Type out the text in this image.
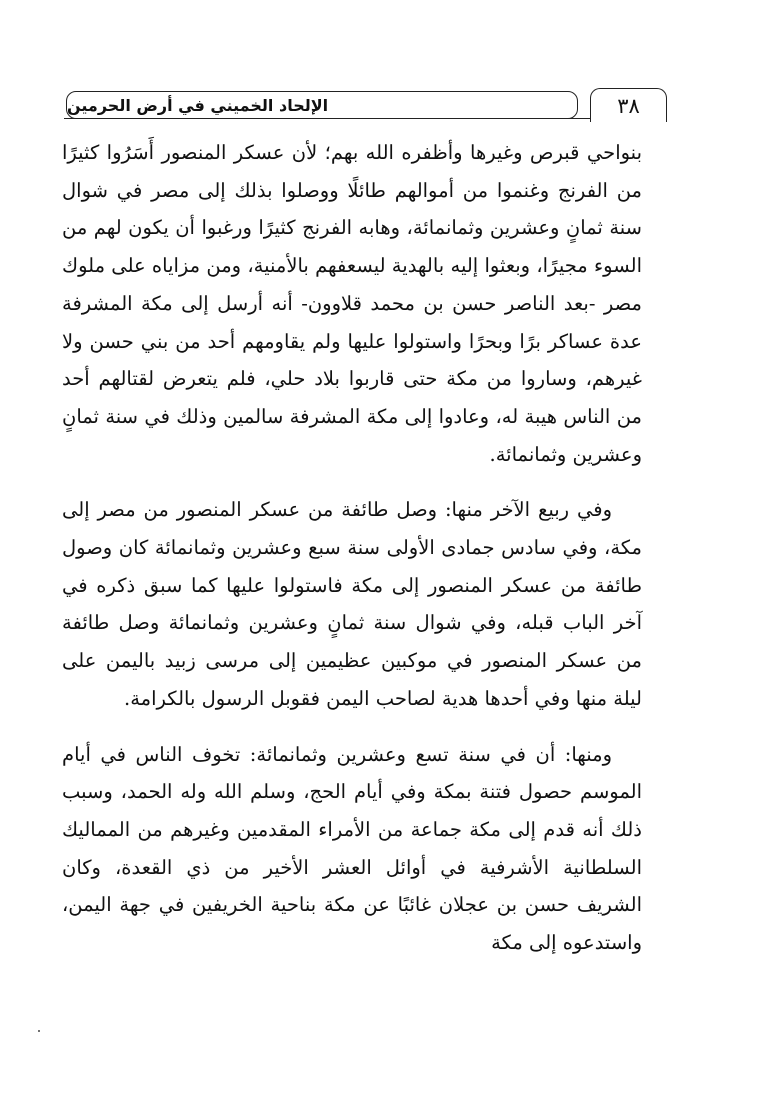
الإلحاد الخميني في أرض الحرمين	٣٨

بنواحي قبرص وغيرها وأظفره الله بهم؛ لأن عسكر المنصور أَسَرُوا كثيرًا من الفرنج وغنموا من أموالهم طائلًا ووصلوا بذلك إلى مصر في شوال سنة ثمانٍ وعشرين وثمانمائة، وهابه الفرنج كثيرًا ورغبوا أن يكون لهم من السوء مجيرًا، وبعثوا إليه بالهدية ليسعفهم بالأمنية، ومن مزاياه على ملوك مصر -بعد الناصر حسن بن محمد قلاوون- أنه أرسل إلى مكة المشرفة عدة عساكر برًا وبحرًا واستولوا عليها ولم يقاومهم أحد من بني حسن ولا غيرهم، وساروا من مكة حتى قاربوا بلاد حلي، فلم يتعرض لقتالهم أحد من الناس هيبة له، وعادوا إلى مكة المشرفة سالمين وذلك في سنة ثمانٍ وعشرين وثمانمائة.

وفي ربيع الآخر منها: وصل طائفة من عسكر المنصور من مصر إلى مكة، وفي سادس جمادى الأولى سنة سبع وعشرين وثمانمائة كان وصول طائفة من عسكر المنصور إلى مكة فاستولوا عليها كما سبق ذكره في آخر الباب قبله، وفي شوال سنة ثمانٍ وعشرين وثمانمائة وصل طائفة من عسكر المنصور في موكبين عظيمين إلى مرسى زبيد باليمن على ليلة منها وفي أحدها هدية لصاحب اليمن فقوبل الرسول بالكرامة.

ومنها: أن في سنة تسع وعشرين وثمانمائة: تخوف الناس في أيام الموسم حصول فتنة بمكة وفي أيام الحج، وسلم الله وله الحمد، وسبب ذلك أنه قدم إلى مكة جماعة من الأمراء المقدمين وغيرهم من المماليك السلطانية الأشرفية في أوائل العشر الأخير من ذي القعدة، وكان الشريف حسن بن عجلان غائبًا عن مكة بناحية الخريفين في جهة اليمن، واستدعوه إلى مكة
